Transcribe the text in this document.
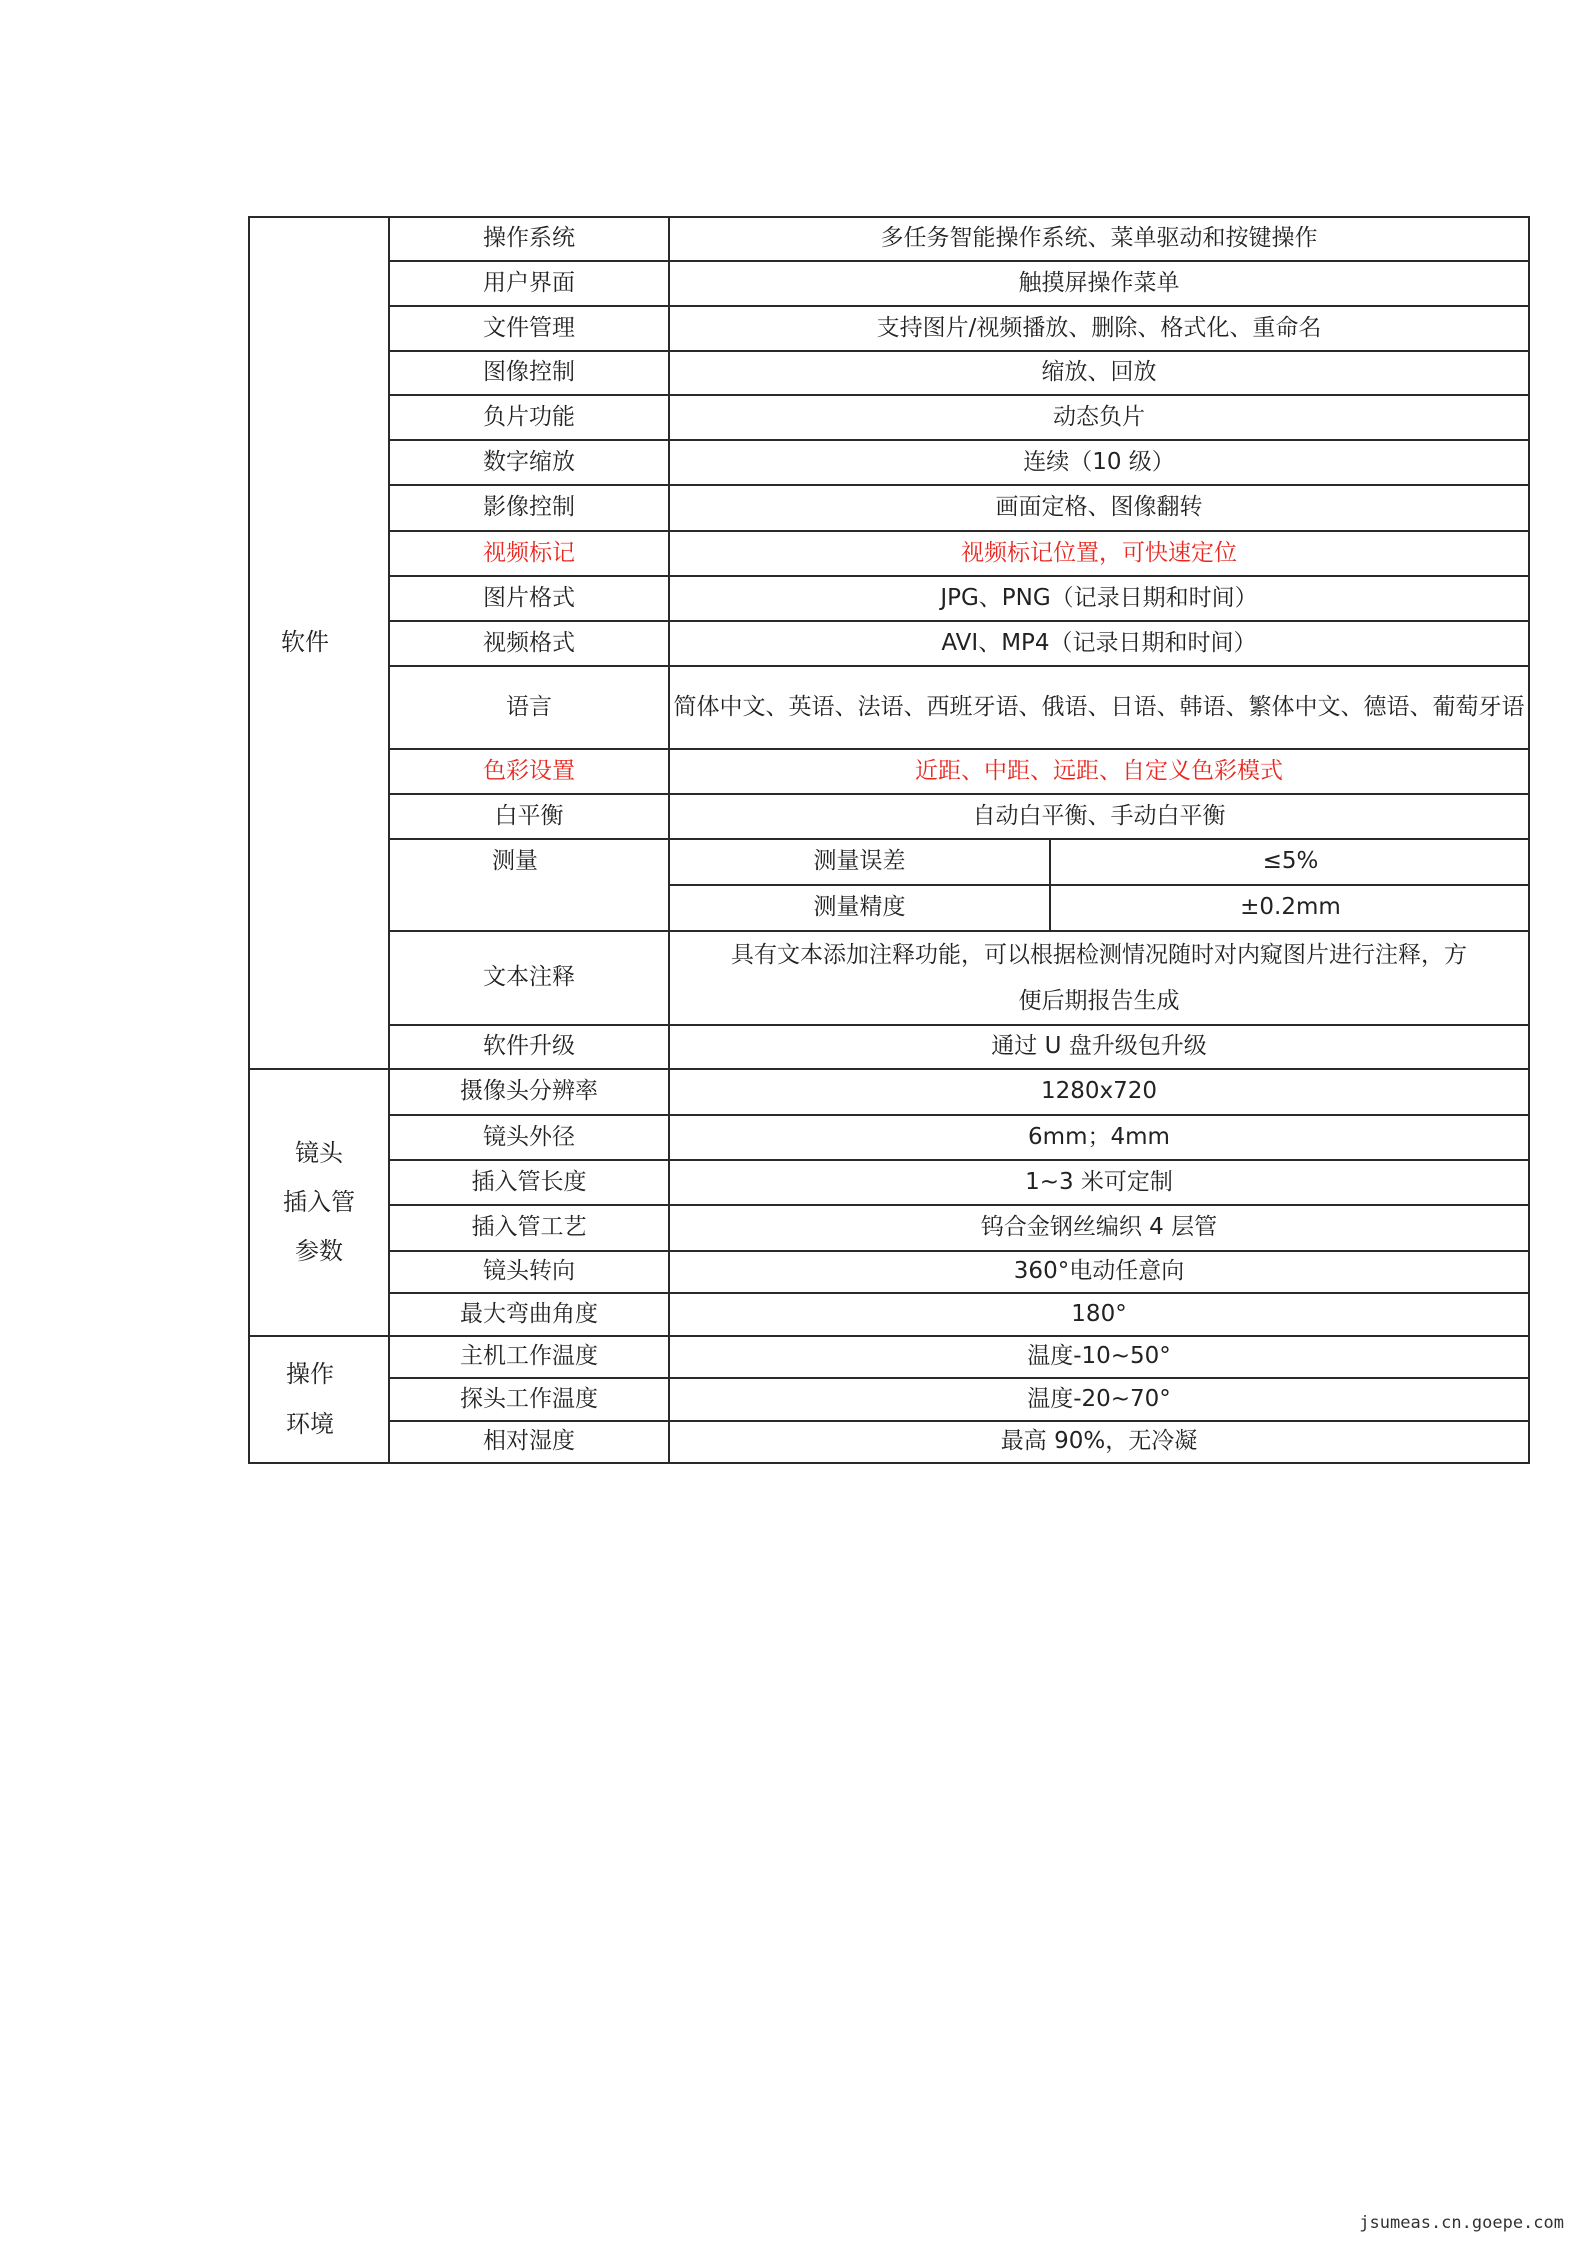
软件	操作系统	多任务智能操作系统、菜单驱动和按键操作
用户界面	触摸屏操作菜单
文件管理	支持图片/视频播放、删除、格式化、重命名
图像控制	缩放、回放
负片功能	动态负片
数字缩放	连续（10 级）
影像控制	画面定格、图像翻转
视频标记	视频标记位置，可快速定位
图片格式	JPG、PNG（记录日期和时间）
视频格式	AVI、MP4（记录日期和时间）
语言	简体中文、英语、法语、西班牙语、俄语、日语、韩语、繁体中文、德语、葡萄牙语
色彩设置	近距、中距、远距、自定义色彩模式
白平衡	自动白平衡、手动白平衡
测量		测量误差	≤5%
测量精度	±0.2mm

文本注释	具有文本添加注释功能，可以根据检测情况随时对内窥图片进行注释，方便后期报告生成
软件升级	通过 U 盘升级包升级

镜头
插入管
参数
	摄像头分辨率	1280x720
镜头外径	6mm；4mm
插入管长度	1~3 米可定制
插入管工艺	钨合金钢丝编织 4 层管
镜头转向	360°电动任意向
最大弯曲角度	180°

操作
环境
	主机工作温度	温度-10~50°
探头工作温度	温度-20~70°
相对湿度	最高 90%，无冷凝
jsumeas.cn.goepe.com
